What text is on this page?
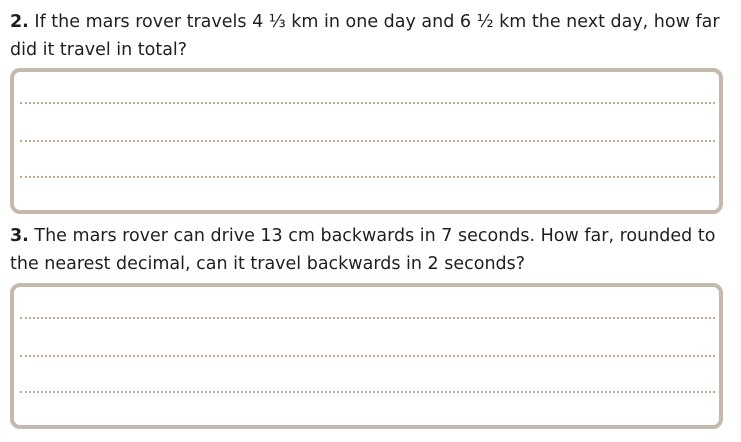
2. If the mars rover travels 4 ⅓ km in one day and 6 ½ km the next day, how far did it travel in total?
3. The mars rover can drive 13 cm backwards in 7 seconds. How far, rounded to the nearest decimal, can it travel backwards in 2 seconds?
